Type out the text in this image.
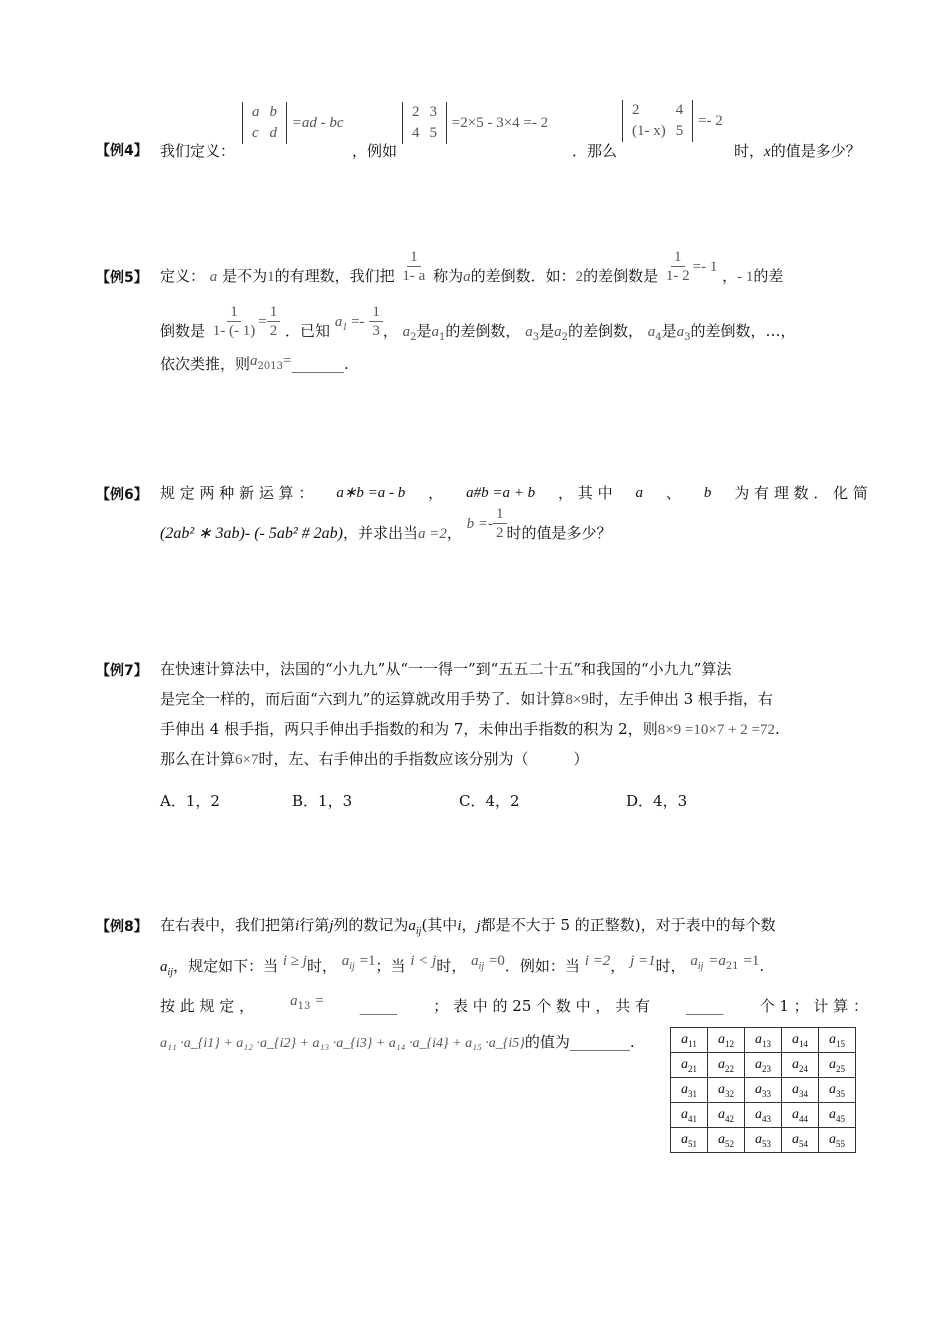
【例4】 我们定义：
a	b
c	d
=ad - bc
，例如
2	3
4	5
=2×5 - 3×4 =- 2
．那么
2	4
(1- x)	5
=- 2
时，x的值是多少？
【例5】 定义： a 是不为1的有理数，我们把 $\frac{1}{1- a}$ 称为a的差倒数．如：2的差倒数是 $\frac{1}{1- 2} =- 1$ ，- 1的差
倒数是 $\frac{1}{1- (- 1)} = \frac{1}{2}$ ．已知 $a_1 =- \frac{1}{3}$ ， $a_2$是$a_1$的差倒数， $a_3$是$a_2$的差倒数， $a_4$是$a_3$的差倒数，…，
依次类推，则$a_{2013}=\_\_\_\_\_\_\_$.
【例6】 规 定 两 种 新 运 算 ： a∗b =a - b ， a#b =a + b ， 其 中 a 、 b 为 有 理 数 ． 化 简
(2ab² ∗ 3ab)- (- 5ab² # 2ab)，并求出当a =2， $b =- \frac{1}{2}$ 时的值是多少？
【例7】 在快速计算法中，法国的“小九九”从“一一得一”到“五五二十五”和我国的“小九九”算法
是完全一样的，而后面“六到九”的运算就改用手势了．如计算8×9时，左手伸出 3 根手指，右
手伸出 4 根手指，两只手伸出手指数的和为 7，未伸出手指数的积为 2，则8×9 =10×7 + 2 =72.
那么在计算6×7时，左、右手伸出的手指数应该分别为（　　　）
A．1，2	B．1，3	C．4，2	D．4，3
【例8】 在右表中，我们把第i行第j列的数记为$a_{ij}$(其中i，j都是不大于 5 的正整数)，对于表中的每个数
$a_{ij}$，规定如下：当 i ≥ j时， $a_{ij} =1$；当 i < j时， $a_{ij} =0$．例如：当 i =2， j =1时， $a_{ij} =a_{21} =1$.
按 此 规 定 ， $a_{13}$ = _____ ； 表 中 的 25 个 数 中 ， 共 有 _____ 个 1 ； 计 算 ：
a₁₁ ·a_{i1} + a₁₂ ·a_{i2} + a₁₃ ·a_{i3} + a₁₄ ·a_{i4} + a₁₅ ·a_{i5}的值为________.	$a_{11}$	$a_{12}$	$a_{13}$	$a_{14}$	$a_{15}$
$a_{21}$	$a_{22}$	$a_{23}$	$a_{24}$	$a_{25}$
$a_{31}$	$a_{32}$	$a_{33}$	$a_{34}$	$a_{35}$
$a_{41}$	$a_{42}$	$a_{43}$	$a_{44}$	$a_{45}$
$a_{51}$	$a_{52}$	$a_{53}$	$a_{54}$	$a_{55}$
